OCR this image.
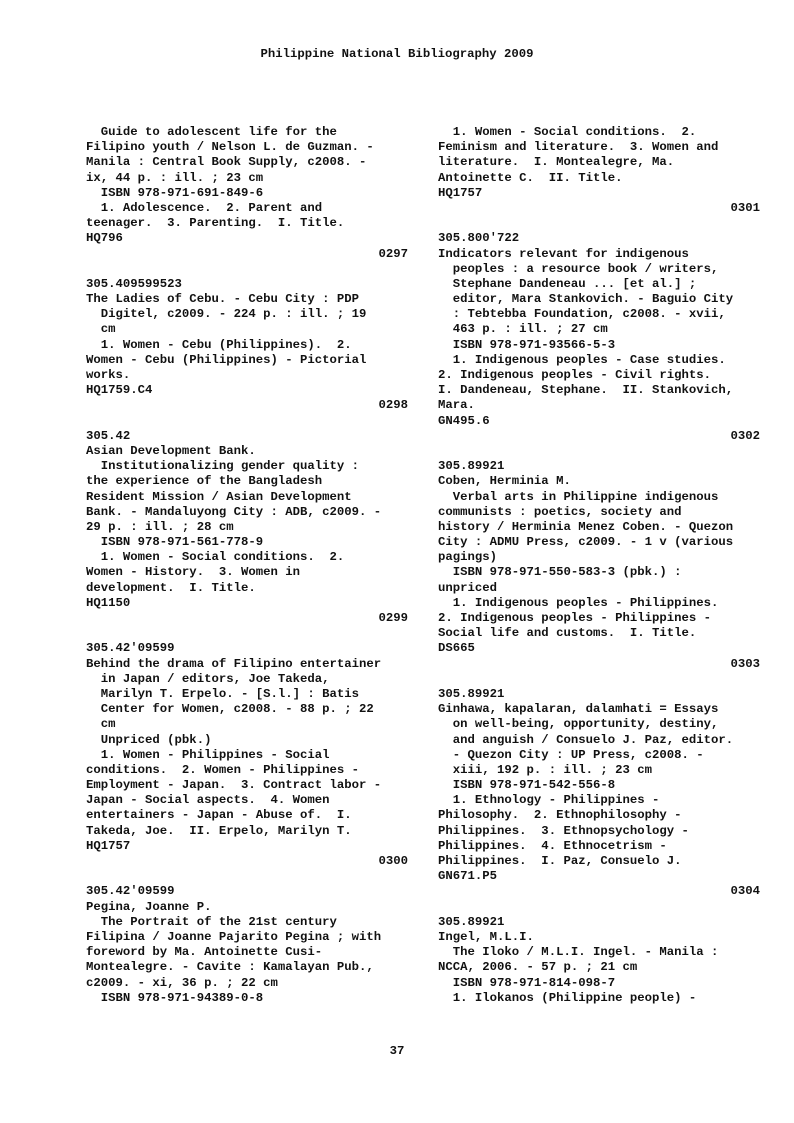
Philippine National Bibliography 2009
Guide to adolescent life for the
Filipino youth / Nelson L. de Guzman. -
Manila : Central Book Supply, c2008. -
ix, 44 p. : ill. ; 23 cm
ISBN 978-971-691-849-6
1. Adolescence.  2. Parent and
teenager.  3. Parenting.  I. Title.
HQ796
0297
305.409599523
The Ladies of Cebu. - Cebu City : PDP
Digitel, c2009. - 224 p. : ill. ; 19
cm
1. Women - Cebu (Philippines).  2.
Women - Cebu (Philippines) - Pictorial
works.
HQ1759.C4
0298
305.42
Asian Development Bank.
Institutionalizing gender quality :
the experience of the Bangladesh
Resident Mission / Asian Development
Bank. - Mandaluyong City : ADB, c2009. -
29 p. : ill. ; 28 cm
ISBN 978-971-561-778-9
1. Women - Social conditions.  2.
Women - History.  3. Women in
development.  I. Title.
HQ1150
0299
305.42'09599
Behind the drama of Filipino entertainer
in Japan / editors, Joe Takeda,
Marilyn T. Erpelo. - [S.l.] : Batis
Center for Women, c2008. - 88 p. ; 22
cm
Unpriced (pbk.)
1. Women - Philippines - Social
conditions.  2. Women - Philippines -
Employment - Japan.  3. Contract labor -
Japan - Social aspects.  4. Women
entertainers - Japan - Abuse of.  I.
Takeda, Joe.  II. Erpelo, Marilyn T.
HQ1757
0300
305.42'09599
Pegina, Joanne P.
The Portrait of the 21st century
Filipina / Joanne Pajarito Pegina ; with
foreword by Ma. Antoinette Cusi-
Montealegre. - Cavite : Kamalayan Pub.,
c2009. - xi, 36 p. ; 22 cm
ISBN 978-971-94389-0-8
1. Women - Social conditions.  2.
Feminism and literature.  3. Women and
literature.  I. Montealegre, Ma.
Antoinette C.  II. Title.
HQ1757
0301
305.800'722
Indicators relevant for indigenous
peoples : a resource book / writers,
Stephane Dandeneau ... [et al.] ;
editor, Mara Stankovich. - Baguio City
: Tebtebba Foundation, c2008. - xvii,
463 p. : ill. ; 27 cm
ISBN 978-971-93566-5-3
1. Indigenous peoples - Case studies.
2. Indigenous peoples - Civil rights.
I. Dandeneau, Stephane.  II. Stankovich,
Mara.
GN495.6
0302
305.89921
Coben, Herminia M.
Verbal arts in Philippine indigenous
communists : poetics, society and
history / Herminia Menez Coben. - Quezon
City : ADMU Press, c2009. - 1 v (various
pagings)
ISBN 978-971-550-583-3 (pbk.) :
unpriced
1. Indigenous peoples - Philippines.
2. Indigenous peoples - Philippines -
Social life and customs.  I. Title.
DS665
0303
305.89921
Ginhawa, kapalaran, dalamhati = Essays
on well-being, opportunity, destiny,
and anguish / Consuelo J. Paz, editor.
- Quezon City : UP Press, c2008. -
xiii, 192 p. : ill. ; 23 cm
ISBN 978-971-542-556-8
1. Ethnology - Philippines -
Philosophy.  2. Ethnophilosophy -
Philippines.  3. Ethnopsychology -
Philippines.  4. Ethnocetrism -
Philippines.  I. Paz, Consuelo J.
GN671.P5
0304
305.89921
Ingel, M.L.I.
The Iloko / M.L.I. Ingel. - Manila :
NCCA, 2006. - 57 p. ; 21 cm
ISBN 978-971-814-098-7
1. Ilokanos (Philippine people) -
37
